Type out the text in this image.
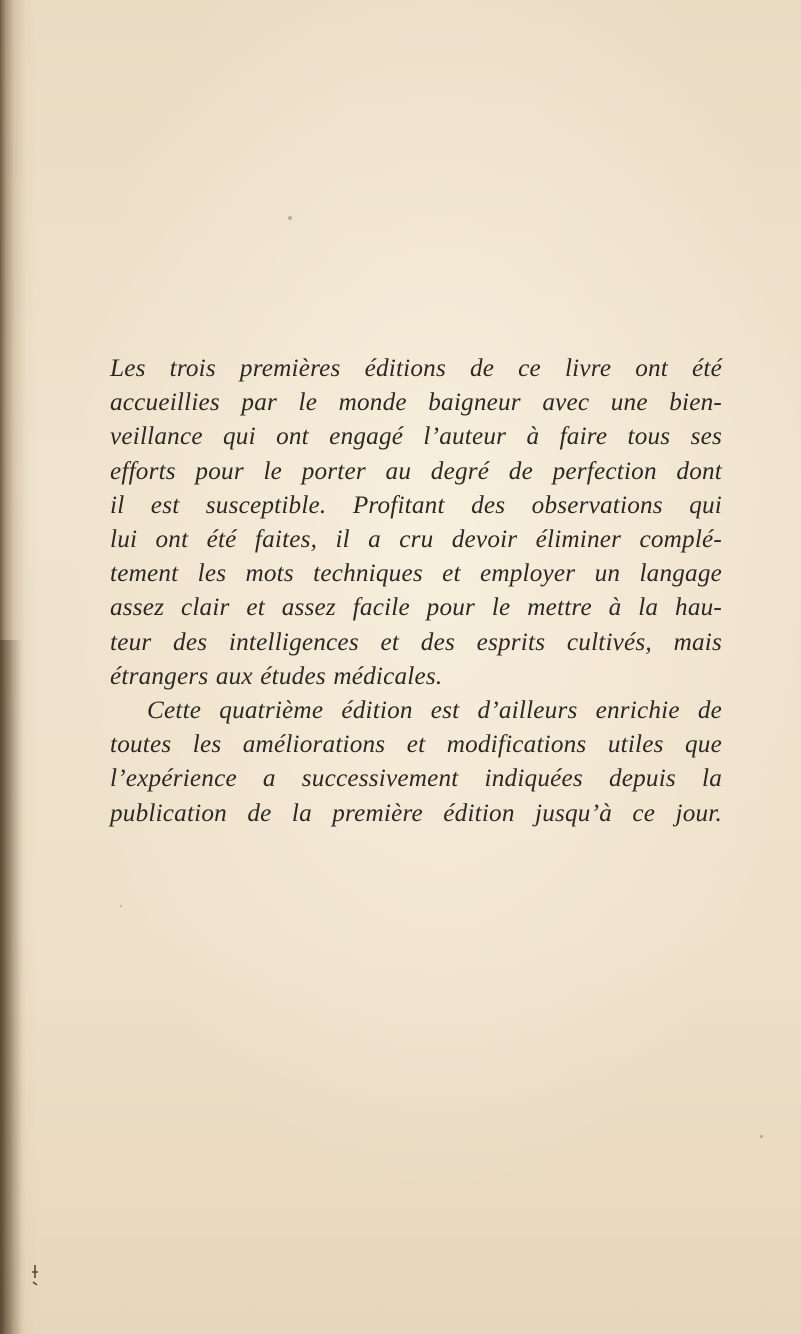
Les trois premières éditions de ce livre ont été
accueillies par le monde baigneur avec une bien-
veillance qui ont engagé l’auteur à faire tous ses
efforts pour le porter au degré de perfection dont
il est susceptible. Profitant des observations qui
lui ont été faites, il a cru devoir éliminer complé-
tement les mots techniques et employer un langage
assez clair et assez facile pour le mettre à la hau-
teur des intelligences et des esprits cultivés, mais
étrangers aux études médicales.

Cette quatrième édition est d’ailleurs enrichie de
toutes les améliorations et modifications utiles que
l’expérience a successivement indiquées depuis la
publication de la première édition jusqu’à ce jour.
